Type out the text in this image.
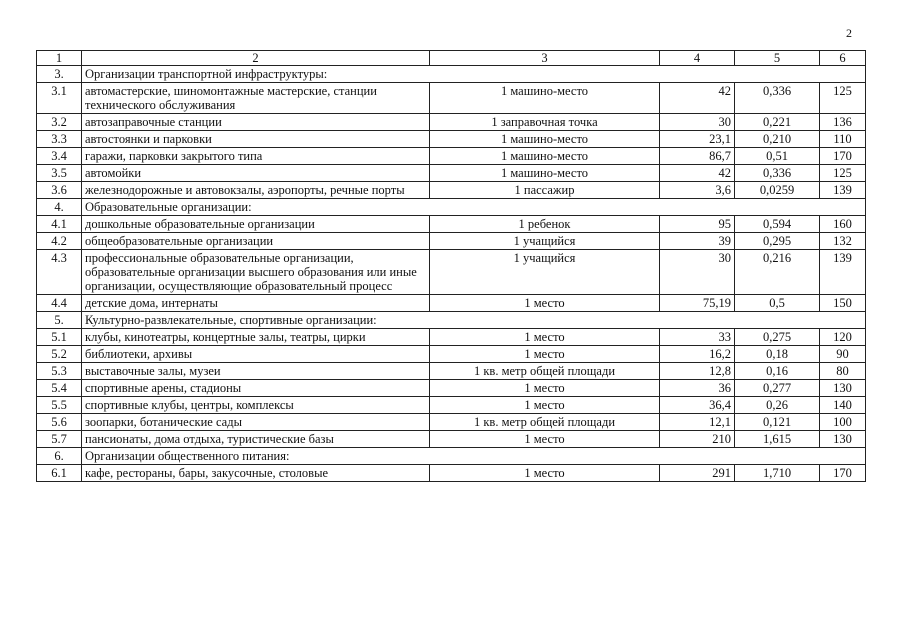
2
1	2	3	4	5	6
3.	Организации транспортной инфраструктуры:				
3.1	автомастерские, шиномонтажные мастерские, станции технического обслуживания	1 машино-место	42	0,336	125
3.2	автозаправочные станции	1 заправочная точка	30	0,221	136
3.3	автостоянки и парковки	1 машино-место	23,1	0,210	110
3.4	гаражи, парковки закрытого типа	1 машино-место	86,7	0,51	170
3.5	автомойки	1 машино-место	42	0,336	125
3.6	железнодорожные и автовокзалы, аэропорты, речные порты	1 пассажир	3,6	0,0259	139
4.	Образовательные организации:				
4.1	дошкольные образовательные организации	1 ребенок	95	0,594	160
4.2	общеобразовательные организации	1 учащийся	39	0,295	132
4.3	профессиональные образовательные организации, образовательные организации высшего образования или иные организации, осуществляющие образовательный процесс	1 учащийся	30	0,216	139
4.4	детские дома, интернаты	1 место	75,19	0,5	150
5.	Культурно-развлекательные, спортивные организации:				
5.1	клубы, кинотеатры, концертные залы, театры, цирки	1 место	33	0,275	120
5.2	библиотеки, архивы	1 место	16,2	0,18	90
5.3	выставочные залы, музеи	1 кв. метр общей площади	12,8	0,16	80
5.4	спортивные арены, стадионы	1 место	36	0,277	130
5.5	спортивные клубы, центры, комплексы	1 место	36,4	0,26	140
5.6	зоопарки, ботанические сады	1 кв. метр общей площади	12,1	0,121	100
5.7	пансионаты, дома отдыха, туристические базы	1 место	210	1,615	130
6.	Организации общественного питания:				
6.1	кафе, рестораны, бары, закусочные, столовые	1 место	291	1,710	170
